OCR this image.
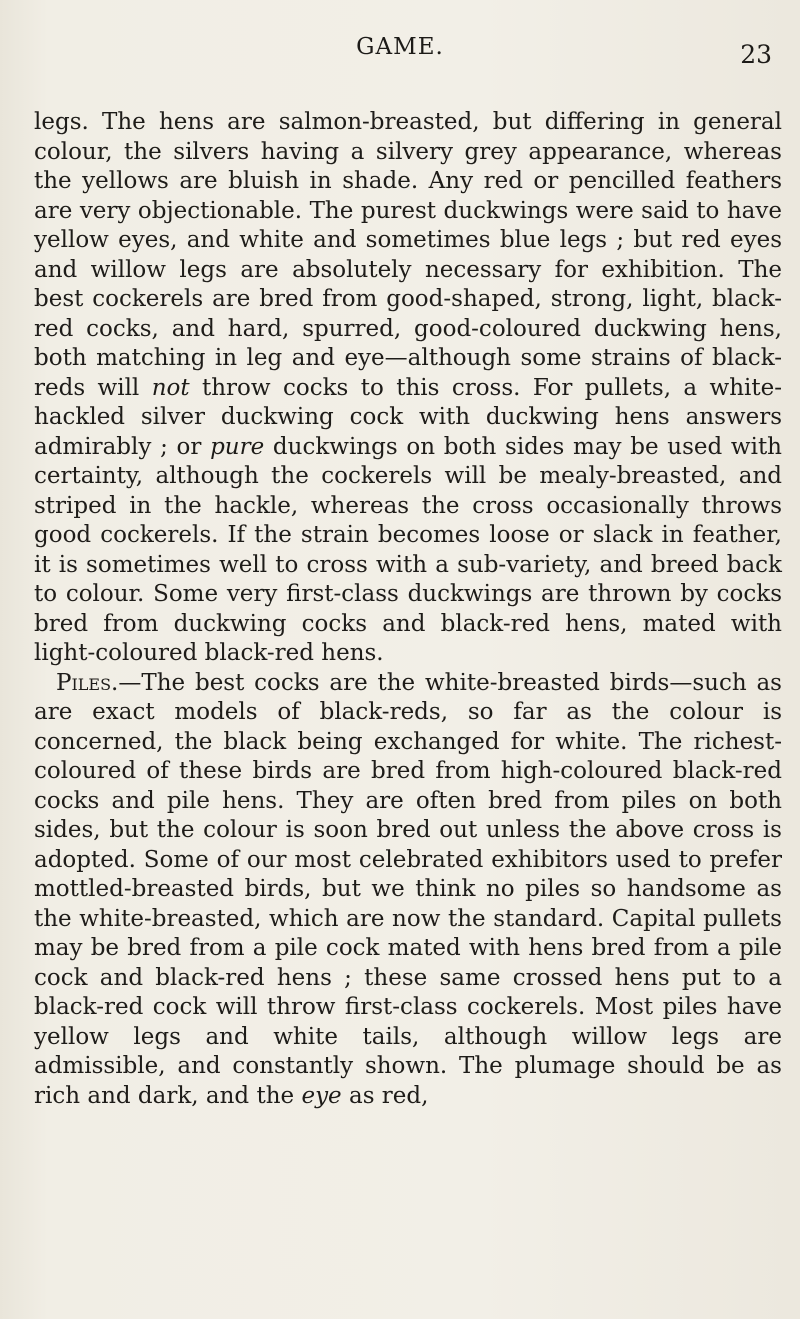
GAME.	23

legs. The hens are salmon-breasted, but differing in general colour, the silvers having a silvery grey appearance, whereas the yellows are bluish in shade. Any red or pencilled feathers are very objectionable. The purest duckwings were said to have yellow eyes, and white and sometimes blue legs ; but red eyes and willow legs are absolutely necessary for exhibition. The best cockerels are bred from good-shaped, strong, light, black-red cocks, and hard, spurred, good-coloured duckwing hens, both matching in leg and eye—although some strains of black-reds will not throw cocks to this cross. For pullets, a white-hackled silver duckwing cock with duckwing hens answers admirably ; or pure duckwings on both sides may be used with certainty, although the cockerels will be mealy-breasted, and striped in the hackle, whereas the cross occasionally throws good cockerels. If the strain becomes loose or slack in feather, it is sometimes well to cross with a sub-variety, and breed back to colour. Some very first-class duckwings are thrown by cocks bred from duckwing cocks and black-red hens, mated with light-coloured black-red hens.

Piles.—The best cocks are the white-breasted birds—such as are exact models of black-reds, so far as the colour is concerned, the black being exchanged for white. The richest-coloured of these birds are bred from high-coloured black-red cocks and pile hens. They are often bred from piles on both sides, but the colour is soon bred out unless the above cross is adopted. Some of our most celebrated exhibitors used to prefer mottled-breasted birds, but we think no piles so handsome as the white-breasted, which are now the standard. Capital pullets may be bred from a pile cock mated with hens bred from a pile cock and black-red hens ; these same crossed hens put to a black-red cock will throw first-class cockerels. Most piles have yellow legs and white tails, although willow legs are admissible, and constantly shown. The plumage should be as rich and dark, and the eye as red,
